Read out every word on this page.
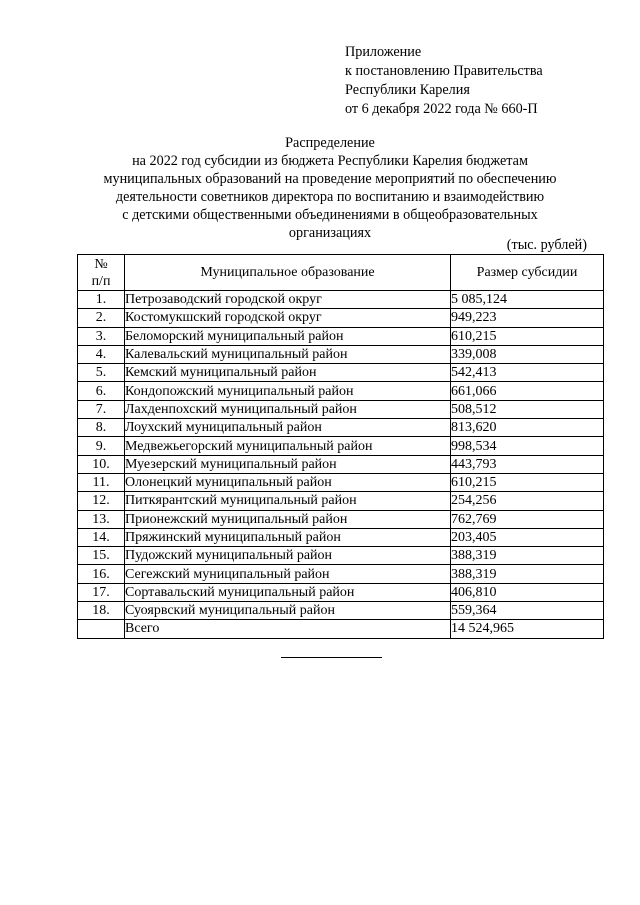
Приложение
к постановлению Правительства
Республики Карелия
от 6 декабря 2022 года № 660-П
Распределение
на 2022 год субсидии из бюджета Республики Карелия бюджетам
муниципальных образований на проведение мероприятий по обеспечению
деятельности советников директора по воспитанию и взаимодействию
с детскими общественными объединениями в общеобразовательных
организациях
(тыс. рублей)
№
п/п	Муниципальное образование	Размер субсидии
1.	Петрозаводский городской округ	5 085,124
2.	Костомукшский городской округ	949,223
3.	Беломорский муниципальный район	610,215
4.	Калевальский муниципальный район	339,008
5.	Кемский муниципальный район	542,413
6.	Кондопожский муниципальный район	661,066
7.	Лахденпохский муниципальный район	508,512
8.	Лоухский муниципальный район	813,620
9.	Медвежьегорский муниципальный район	998,534
10.	Муезерский муниципальный район	443,793
11.	Олонецкий муниципальный район	610,215
12.	Питкярантский муниципальный район	254,256
13.	Прионежский муниципальный район	762,769
14.	Пряжинский муниципальный район	203,405
15.	Пудожский муниципальный район	388,319
16.	Сегежский муниципальный район	388,319
17.	Сортавальский муниципальный район	406,810
18.	Суоярвский муниципальный район	559,364
	Всего	14 524,965
